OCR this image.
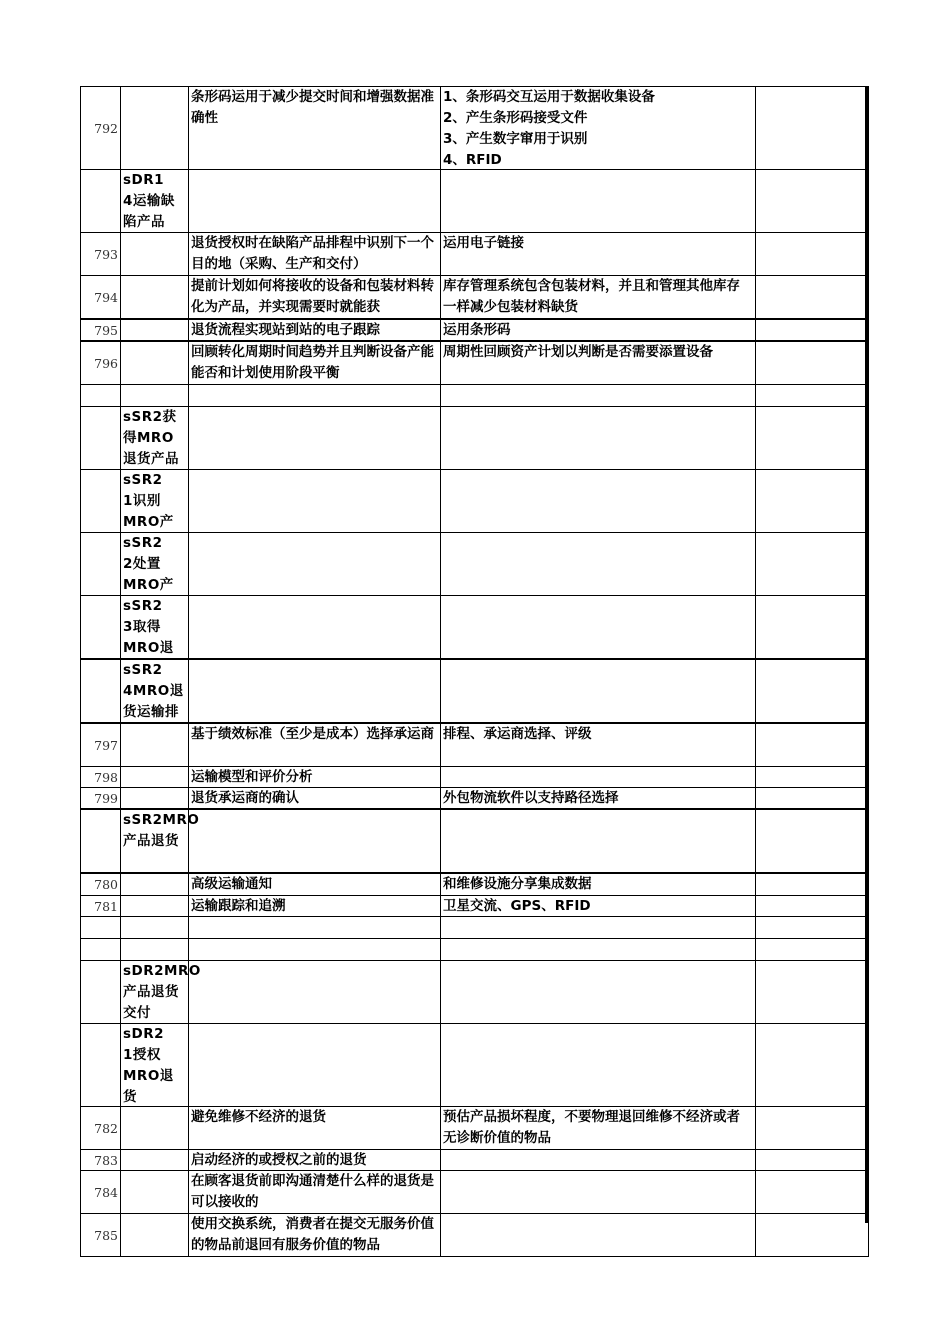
792		条形码运用于减少提交时间和增强数据准确性	1、条形码交互运用于数据收集设备
2、产生条形码接受文件
3、产生数字窜用于识别
4、RFID	

	sDR1　4运输缺陷产品			

793		退货授权时在缺陷产品排程中识别下一个目的地（采购、生产和交付）	运用电子链接	

794		提前计划如何将接收的设备和包装材料转化为产品，并实现需要时就能获	库存管理系统包含包装材料，并且和管理其他库存一样减少包装材料缺货	

795		退货流程实现站到站的电子跟踪	运用条形码	

796		回顾转化周期时间趋势并且判断设备产能能否和计划使用阶段平衡	周期性回顾资产计划以判断是否需要添置设备	

	sSR2获得MRO退货产品			

	sSR2　1识别MRO产			

	sSR2　2处置MRO产			

	sSR2　3取得MRO退			

	sSR2　4MRO退货运输排			

797		基于绩效标准（至少是成本）选择承运商	排程、承运商选择、评级	

798		运输模型和评价分析		

799		退货承运商的确认	外包物流软件以支持路径选择	

	sSR2MRO产品退货			

780		高级运输通知	和维修设施分享集成数据	

781		运输跟踪和追溯	卫星交流、GPS、RFID	

	sDR2MRO产品退货交付			

	sDR2　1授权MRO退货			

782		避免维修不经济的退货	预估产品损坏程度，不要物理退回维修不经济或者无诊断价值的物品	

783		启动经济的或授权之前的退货		

784		在顾客退货前即沟通清楚什么样的退货是可以接收的		

785		使用交换系统，消费者在提交无服务价值的物品前退回有服务价值的物品		
